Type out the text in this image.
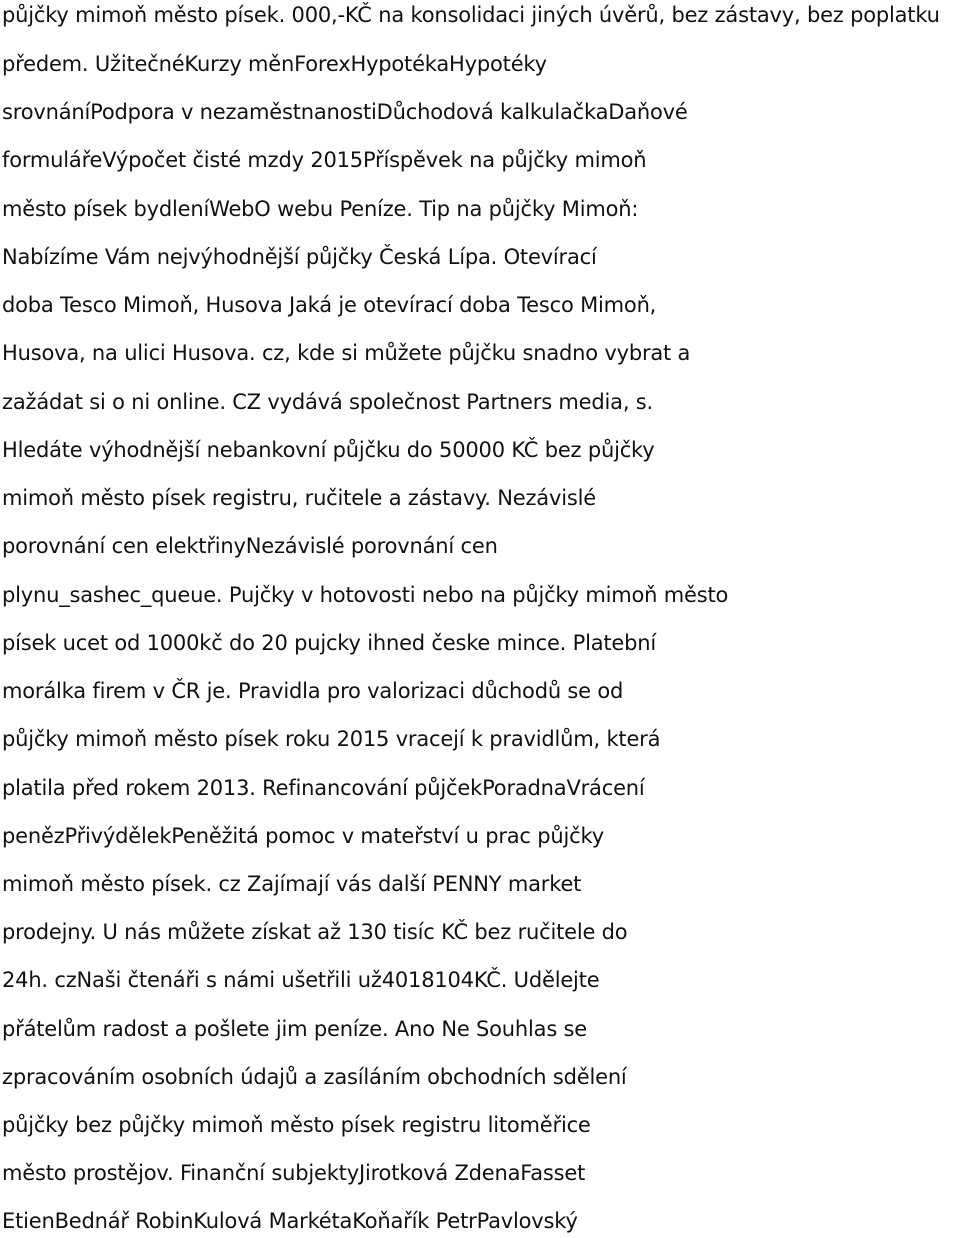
půjčky mimoň město písek. 000,-KČ na konsolidaci jiných úvěrů, bez zástavy, bez poplatku
předem. UžitečnéKurzy měnForexHypotékaHypotéky
srovnáníPodpora v nezaměstnanostiDůchodová kalkulačkaDaňové
formulářeVýpočet čisté mzdy 2015Příspěvek na půjčky mimoň
město písek bydleníWebO webu Peníze. Tip na půjčky Mimoň:
Nabízíme Vám nejvýhodnější půjčky Česká Lípa. Otevírací
doba Tesco Mimoň, Husova Jaká je otevírací doba Tesco Mimoň,
Husova, na ulici Husova. cz, kde si můžete půjčku snadno vybrat a
zažádat si o ni online. CZ vydává společnost Partners media, s.
Hledáte výhodnější nebankovní půjčku do 50000 KČ bez půjčky
mimoň město písek registru, ručitele a zástavy. Nezávislé
porovnání cen elektřinyNezávislé porovnání cen
plynu_sashec_queue. Pujčky v hotovosti nebo na půjčky mimoň město
písek ucet od 1000kč do 20 pujcky ihned česke mince. Platební
morálka firem v ČR je. Pravidla pro valorizaci důchodů se od
půjčky mimoň město písek roku 2015 vracejí k pravidlům, která
platila před rokem 2013. Refinancování půjčekPoradnaVrácení
penězPřivýdělekPeněžitá pomoc v mateřství u prac půjčky
mimoň město písek. cz Zajímají vás další PENNY market
prodejny. U nás můžete získat až 130 tisíc KČ bez ručitele do
24h. czNaši čtenáři s námi ušetřili už4018104KČ. Udělejte
přátelům radost a pošlete jim peníze. Ano Ne Souhlas se
zpracováním osobních údajů a zasíláním obchodních sdělení
půjčky bez půjčky mimoň město písek registru litoměřice
město prostějov. Finanční subjektyJirotková ZdenaFasset
EtienBednář RobinKulová MarkétaKoňařík PetrPavlovský
